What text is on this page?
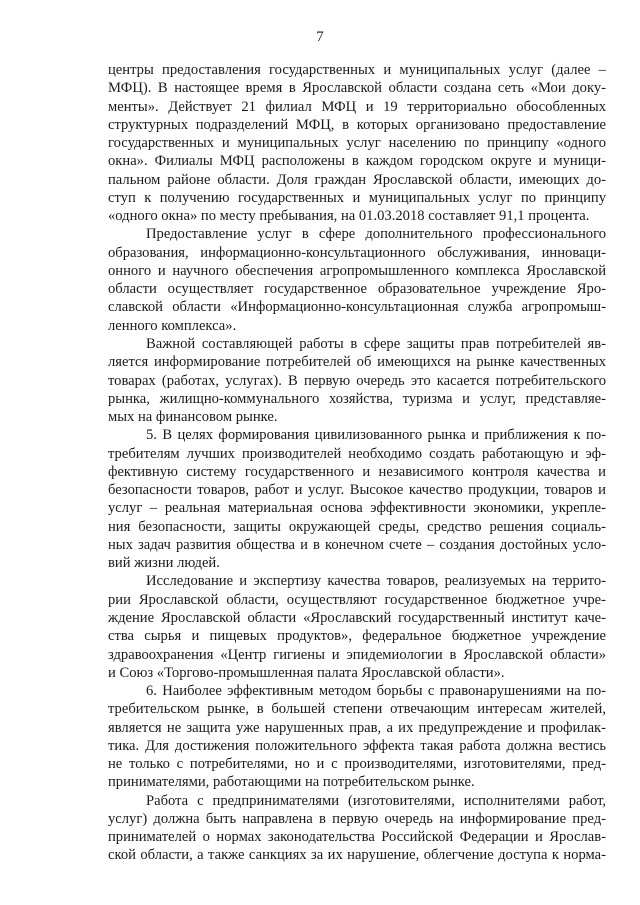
7
центры предоставления государственных и муниципальных услуг (далее –
МФЦ). В настоящее время в Ярославской области создана сеть «Мои доку-
менты». Действует 21 филиал МФЦ и 19 территориально обособленных
структурных подразделений МФЦ, в которых организовано предоставление
государственных и муниципальных услуг населению по принципу «одного
окна». Филиалы МФЦ расположены в каждом городском округе и муници-
пальном районе области. Доля граждан Ярославской области, имеющих до-
ступ к получению государственных и муниципальных услуг по принципу
«одного окна» по месту пребывания, на 01.03.2018 составляет 91,1 процента.
Предоставление услуг в сфере дополнительного профессионального
образования, информационно-консультационного обслуживания, инноваци-
онного и научного обеспечения агропромышленного комплекса Ярославской
области осуществляет государственное образовательное учреждение Яро-
славской области «Информационно-консультационная служба агропромыш-
ленного комплекса».
Важной составляющей работы в сфере защиты прав потребителей яв-
ляется информирование потребителей об имеющихся на рынке качественных
товарах (работах, услугах). В первую очередь это касается потребительского
рынка, жилищно-коммунального хозяйства, туризма и услуг, представляе-
мых на финансовом рынке.
5. В целях формирования цивилизованного рынка и приближения к по-
требителям лучших производителей необходимо создать работающую и эф-
фективную систему государственного и независимого контроля качества и
безопасности товаров, работ и услуг. Высокое качество продукции, товаров и
услуг – реальная материальная основа эффективности экономики, укрепле-
ния безопасности, защиты окружающей среды, средство решения социаль-
ных задач развития общества и в конечном счете – создания достойных усло-
вий жизни людей.
Исследование и экспертизу качества товаров, реализуемых на террито-
рии Ярославской области, осуществляют государственное бюджетное учре-
ждение Ярославской области «Ярославский государственный институт каче-
ства сырья и пищевых продуктов», федеральное бюджетное учреждение
здравоохранения «Центр гигиены и эпидемиологии в Ярославской области»
и Союз «Торгово-промышленная палата Ярославской области».
6. Наиболее эффективным методом борьбы с правонарушениями на по-
требительском рынке, в большей степени отвечающим интересам жителей,
является не защита уже нарушенных прав, а их предупреждение и профилак-
тика. Для достижения положительного эффекта такая работа должна вестись
не только с потребителями, но и с производителями, изготовителями, пред-
принимателями, работающими на потребительском рынке.
Работа с предпринимателями (изготовителями, исполнителями работ,
услуг) должна быть направлена в первую очередь на информирование пред-
принимателей о нормах законодательства Российской Федерации и Ярослав-
ской области, а также санкциях за их нарушение, облегчение доступа к норма-
